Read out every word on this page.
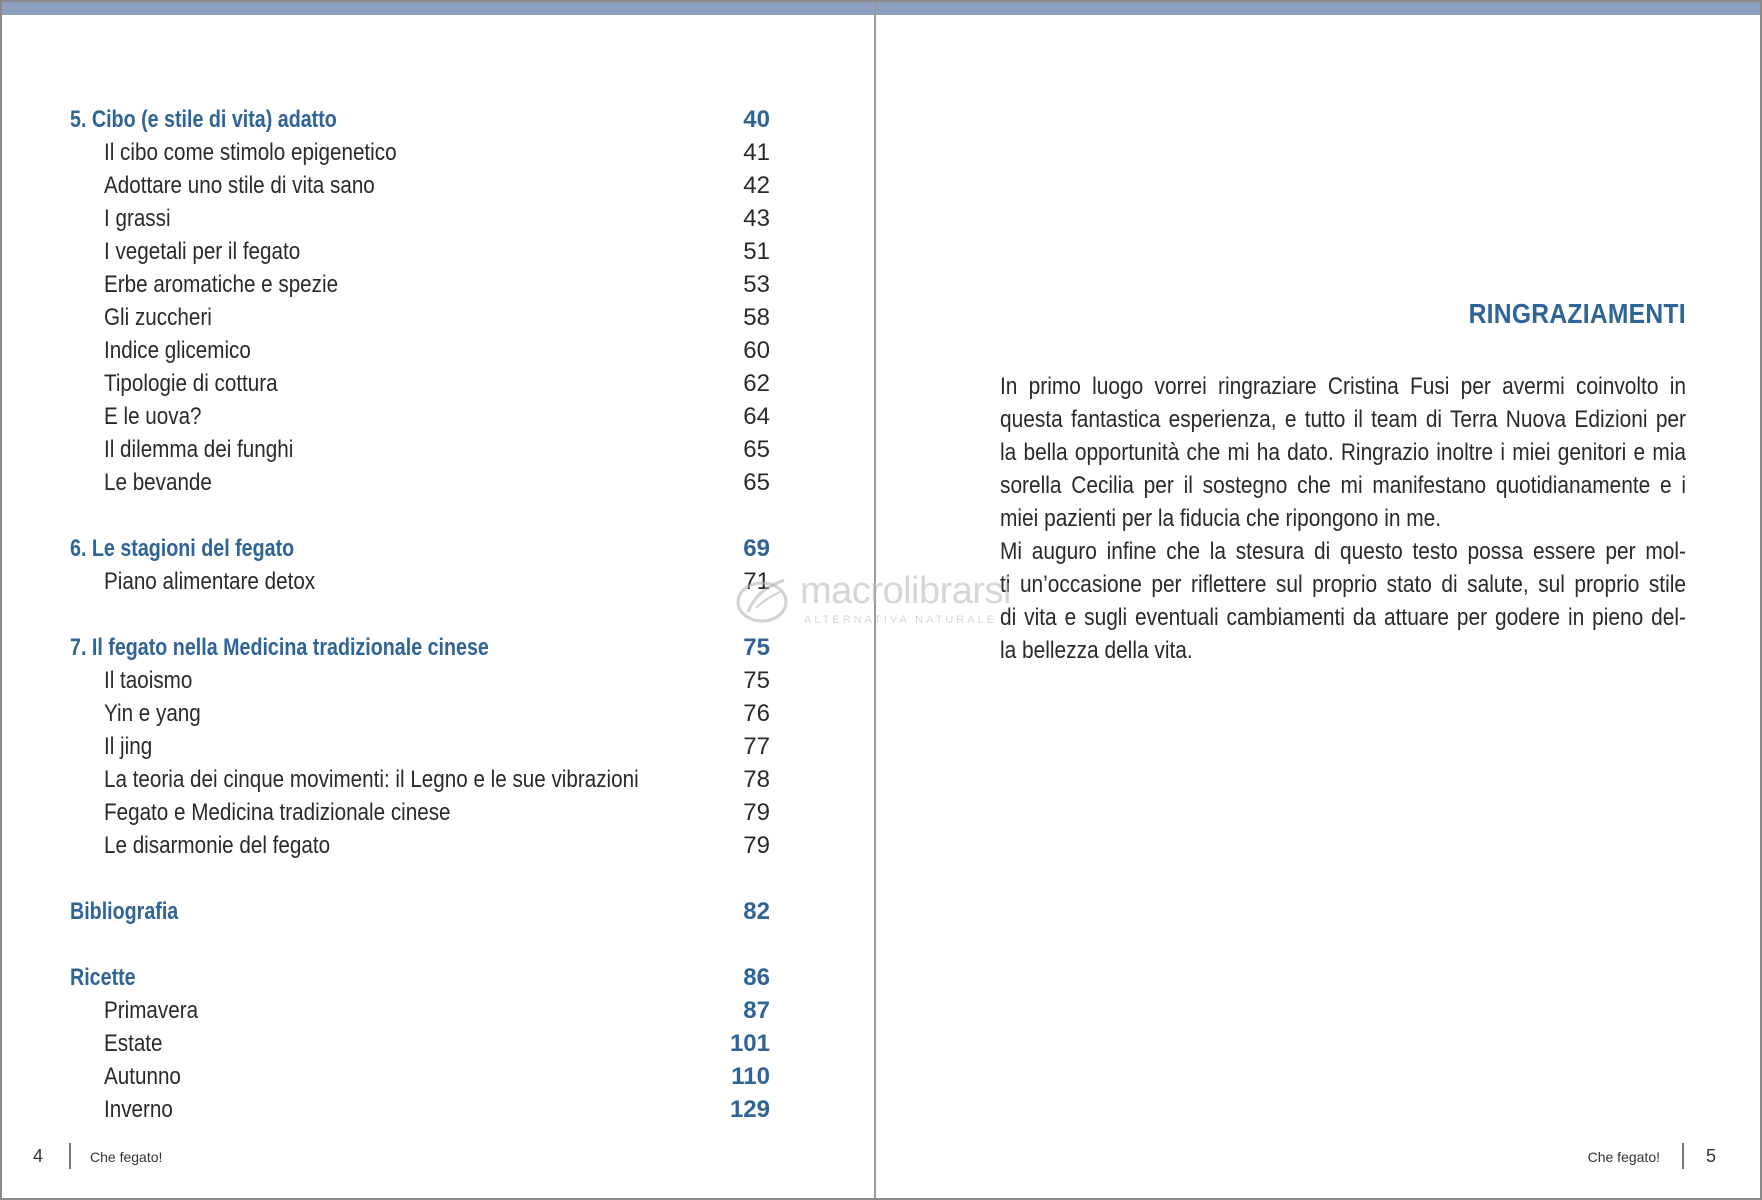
5. Cibo (e stile di vita) adatto	40
Il cibo come stimolo epigenetico	41
Adottare uno stile di vita sano	42
I grassi	43
I vegetali per il fegato	51
Erbe aromatiche e spezie	53
Gli zuccheri	58
Indice glicemico	60
Tipologie di cottura	62
E le uova?	64
Il dilemma dei funghi	65
Le bevande	65
6. Le stagioni del fegato	69
Piano alimentare detox	71
7. Il fegato nella Medicina tradizionale cinese	75
Il taoismo	75
Yin e yang	76
Il jing	77
La teoria dei cinque movimenti: il Legno e le sue vibrazioni	78
Fegato e Medicina tradizionale cinese	79
Le disarmonie del fegato	79
Bibliografia	82
Ricette	86
Primavera	87
Estate	101
Autunno	110
Inverno	129
4	Che fegato!
RINGRAZIAMENTI

In primo luogo vorrei ringraziare Cristina Fusi per avermi coinvolto in

questa fantastica esperienza, e tutto il team di Terra Nuova Edizioni per

la bella opportunità che mi ha dato. Ringrazio inoltre i miei genitori e mia

sorella Cecilia per il sostegno che mi manifestano quotidianamente e i

miei pazienti per la fiducia che ripongono in me.

Mi auguro infine che la stesura di questo testo possa essere per mol-

ti un’occasione per riflettere sul proprio stato di salute, sul proprio stile

di vita e sugli eventuali cambiamenti da attuare per godere in pieno del-

la bellezza della vita.

Che fegato!	5
macrolibrarsi
ALTERNATIVA NATURALE
